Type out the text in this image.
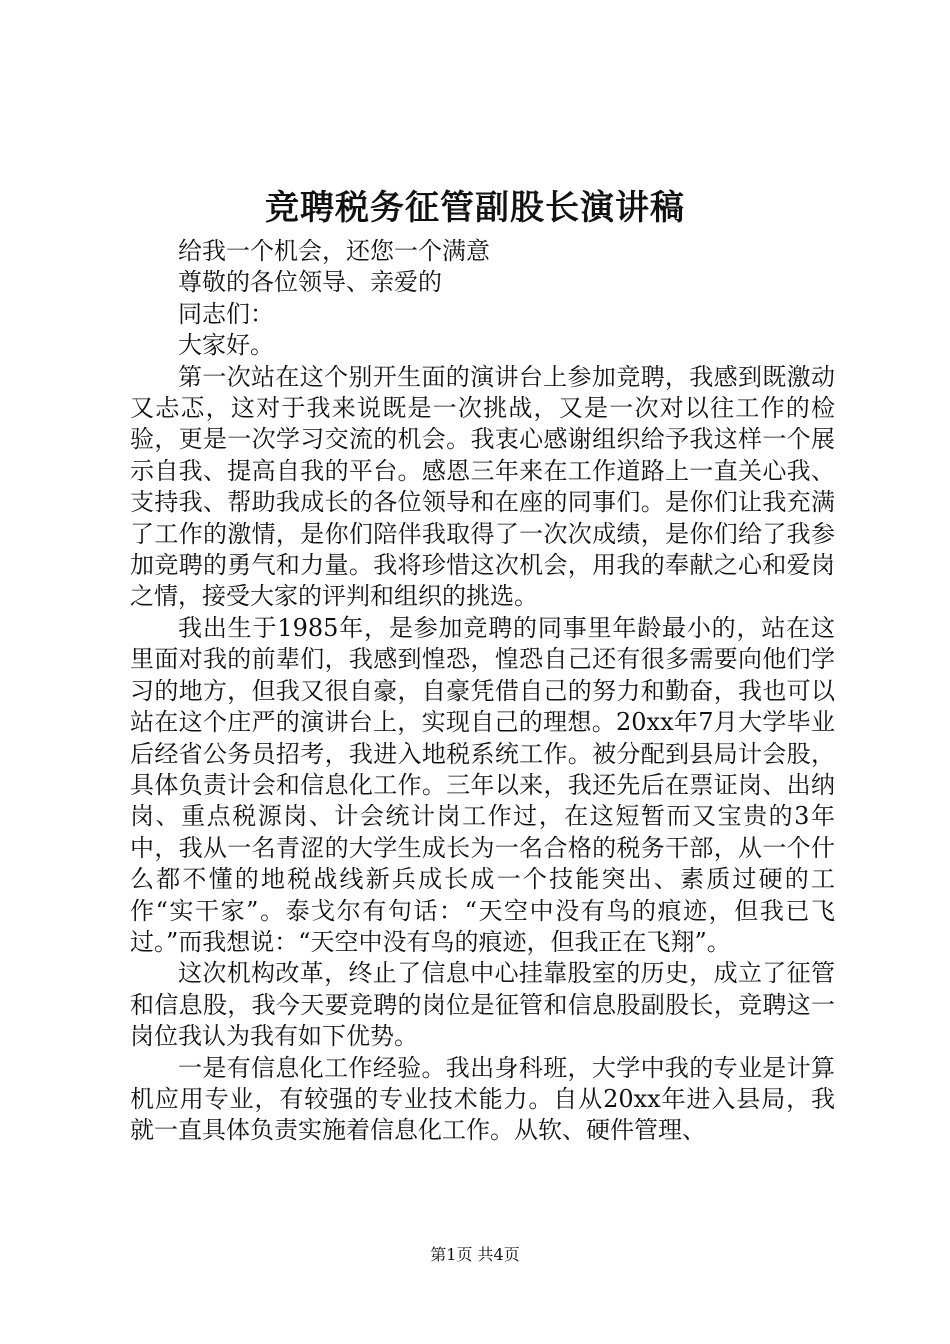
竞聘税务征管副股长演讲稿

给我一个机会，还您一个满意

尊敬的各位领导、亲爱的

同志们：

大家好。

第一次站在这个别开生面的演讲台上参加竞聘，我感到既激动又忐忑，这对于我来说既是一次挑战，又是一次对以往工作的检验，更是一次学习交流的机会。我衷心感谢组织给予我这样一个展示自我、提高自我的平台。感恩三年来在工作道路上一直关心我、支持我、帮助我成长的各位领导和在座的同事们。是你们让我充满了工作的激情，是你们陪伴我取得了一次次成绩，是你们给了我参加竞聘的勇气和力量。我将珍惜这次机会，用我的奉献之心和爱岗之情，接受大家的评判和组织的挑选。

我出生于1985年，是参加竞聘的同事里年龄最小的，站在这里面对我的前辈们，我感到惶恐，惶恐自己还有很多需要向他们学习的地方，但我又很自豪，自豪凭借自己的努力和勤奋，我也可以站在这个庄严的演讲台上，实现自己的理想。20xx年7月大学毕业后经省公务员招考，我进入地税系统工作。被分配到县局计会股，具体负责计会和信息化工作。三年以来，我还先后在票证岗、出纳岗、重点税源岗、计会统计岗工作过，在这短暂而又宝贵的3年中，我从一名青涩的大学生成长为一名合格的税务干部，从一个什么都不懂的地税战线新兵成长成一个技能突出、素质过硬的工作“实干家”。泰戈尔有句话：“天空中没有鸟的痕迹，但我已飞过。”而我想说：“天空中没有鸟的痕迹，但我正在飞翔”。

这次机构改革，终止了信息中心挂靠股室的历史，成立了征管和信息股，我今天要竞聘的岗位是征管和信息股副股长，竞聘这一岗位我认为我有如下优势。

一是有信息化工作经验。我出身科班，大学中我的专业是计算机应用专业，有较强的专业技术能力。自从20xx年进入县局，我就一直具体负责实施着信息化工作。从软、硬件管理、

第1页 共4页
